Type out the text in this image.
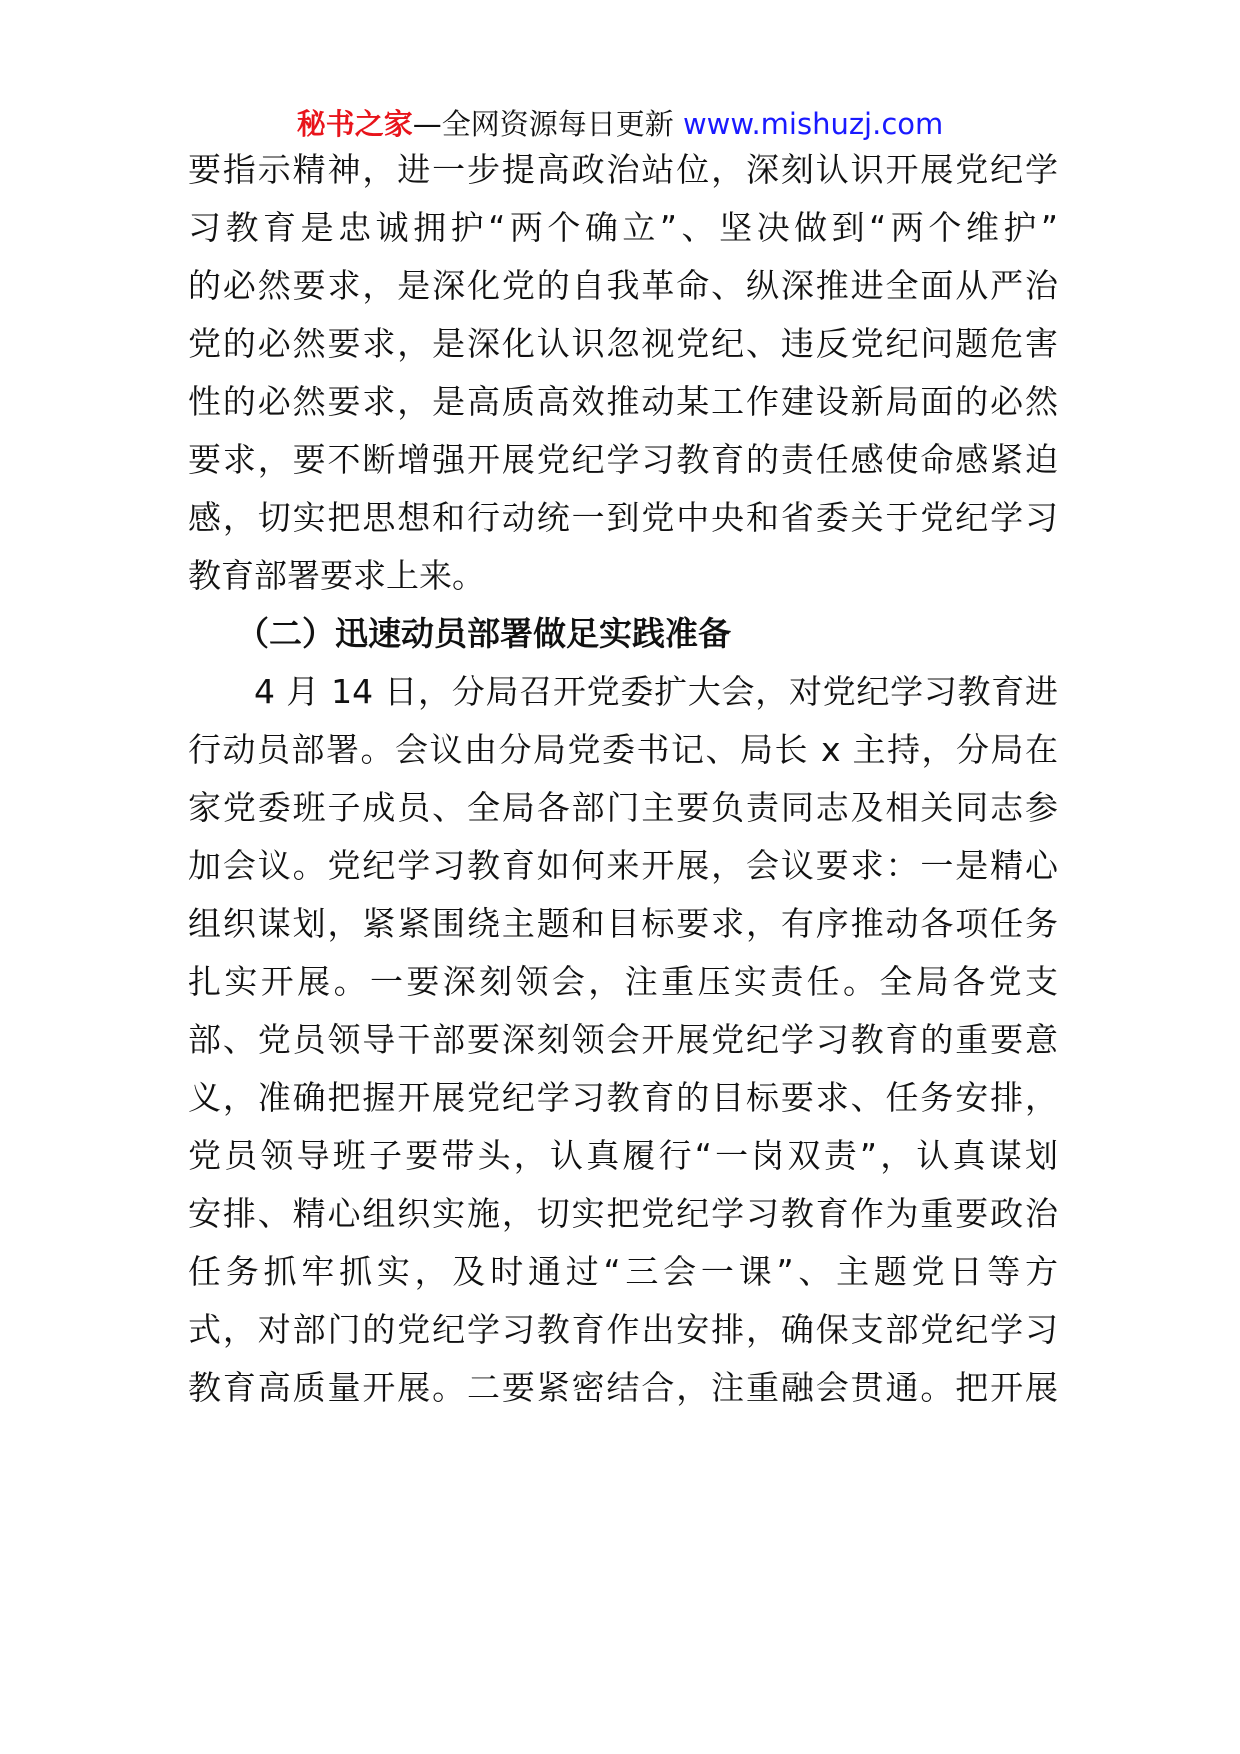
秘书之家—全网资源每日更新 www.mishuzj.com
要指示精神，进一步提高政治站位，深刻认识开展党纪学
习教育是忠诚拥护“两个确立”、坚决做到“两个维护”
的必然要求，是深化党的自我革命、纵深推进全面从严治
党的必然要求，是深化认识忽视党纪、违反党纪问题危害
性的必然要求，是高质高效推动某工作建设新局面的必然
要求，要不断增强开展党纪学习教育的责任感使命感紧迫
感，切实把思想和行动统一到党中央和省委关于党纪学习
教育部署要求上来。
（二）迅速动员部署做足实践准备
4 月 14 日，分局召开党委扩大会，对党纪学习教育进
行动员部署。会议由分局党委书记、局长 x 主持，分局在
家党委班子成员、全局各部门主要负责同志及相关同志参
加会议。党纪学习教育如何来开展，会议要求：一是精心
组织谋划，紧紧围绕主题和目标要求，有序推动各项任务
扎实开展。一要深刻领会，注重压实责任。全局各党支
部、党员领导干部要深刻领会开展党纪学习教育的重要意
义，准确把握开展党纪学习教育的目标要求、任务安排，
党员领导班子要带头，认真履行“一岗双责”，认真谋划
安排、精心组织实施，切实把党纪学习教育作为重要政治
任务抓牢抓实，及时通过“三会一课”、主题党日等方
式，对部门的党纪学习教育作出安排，确保支部党纪学习
教育高质量开展。二要紧密结合，注重融会贯通。把开展
